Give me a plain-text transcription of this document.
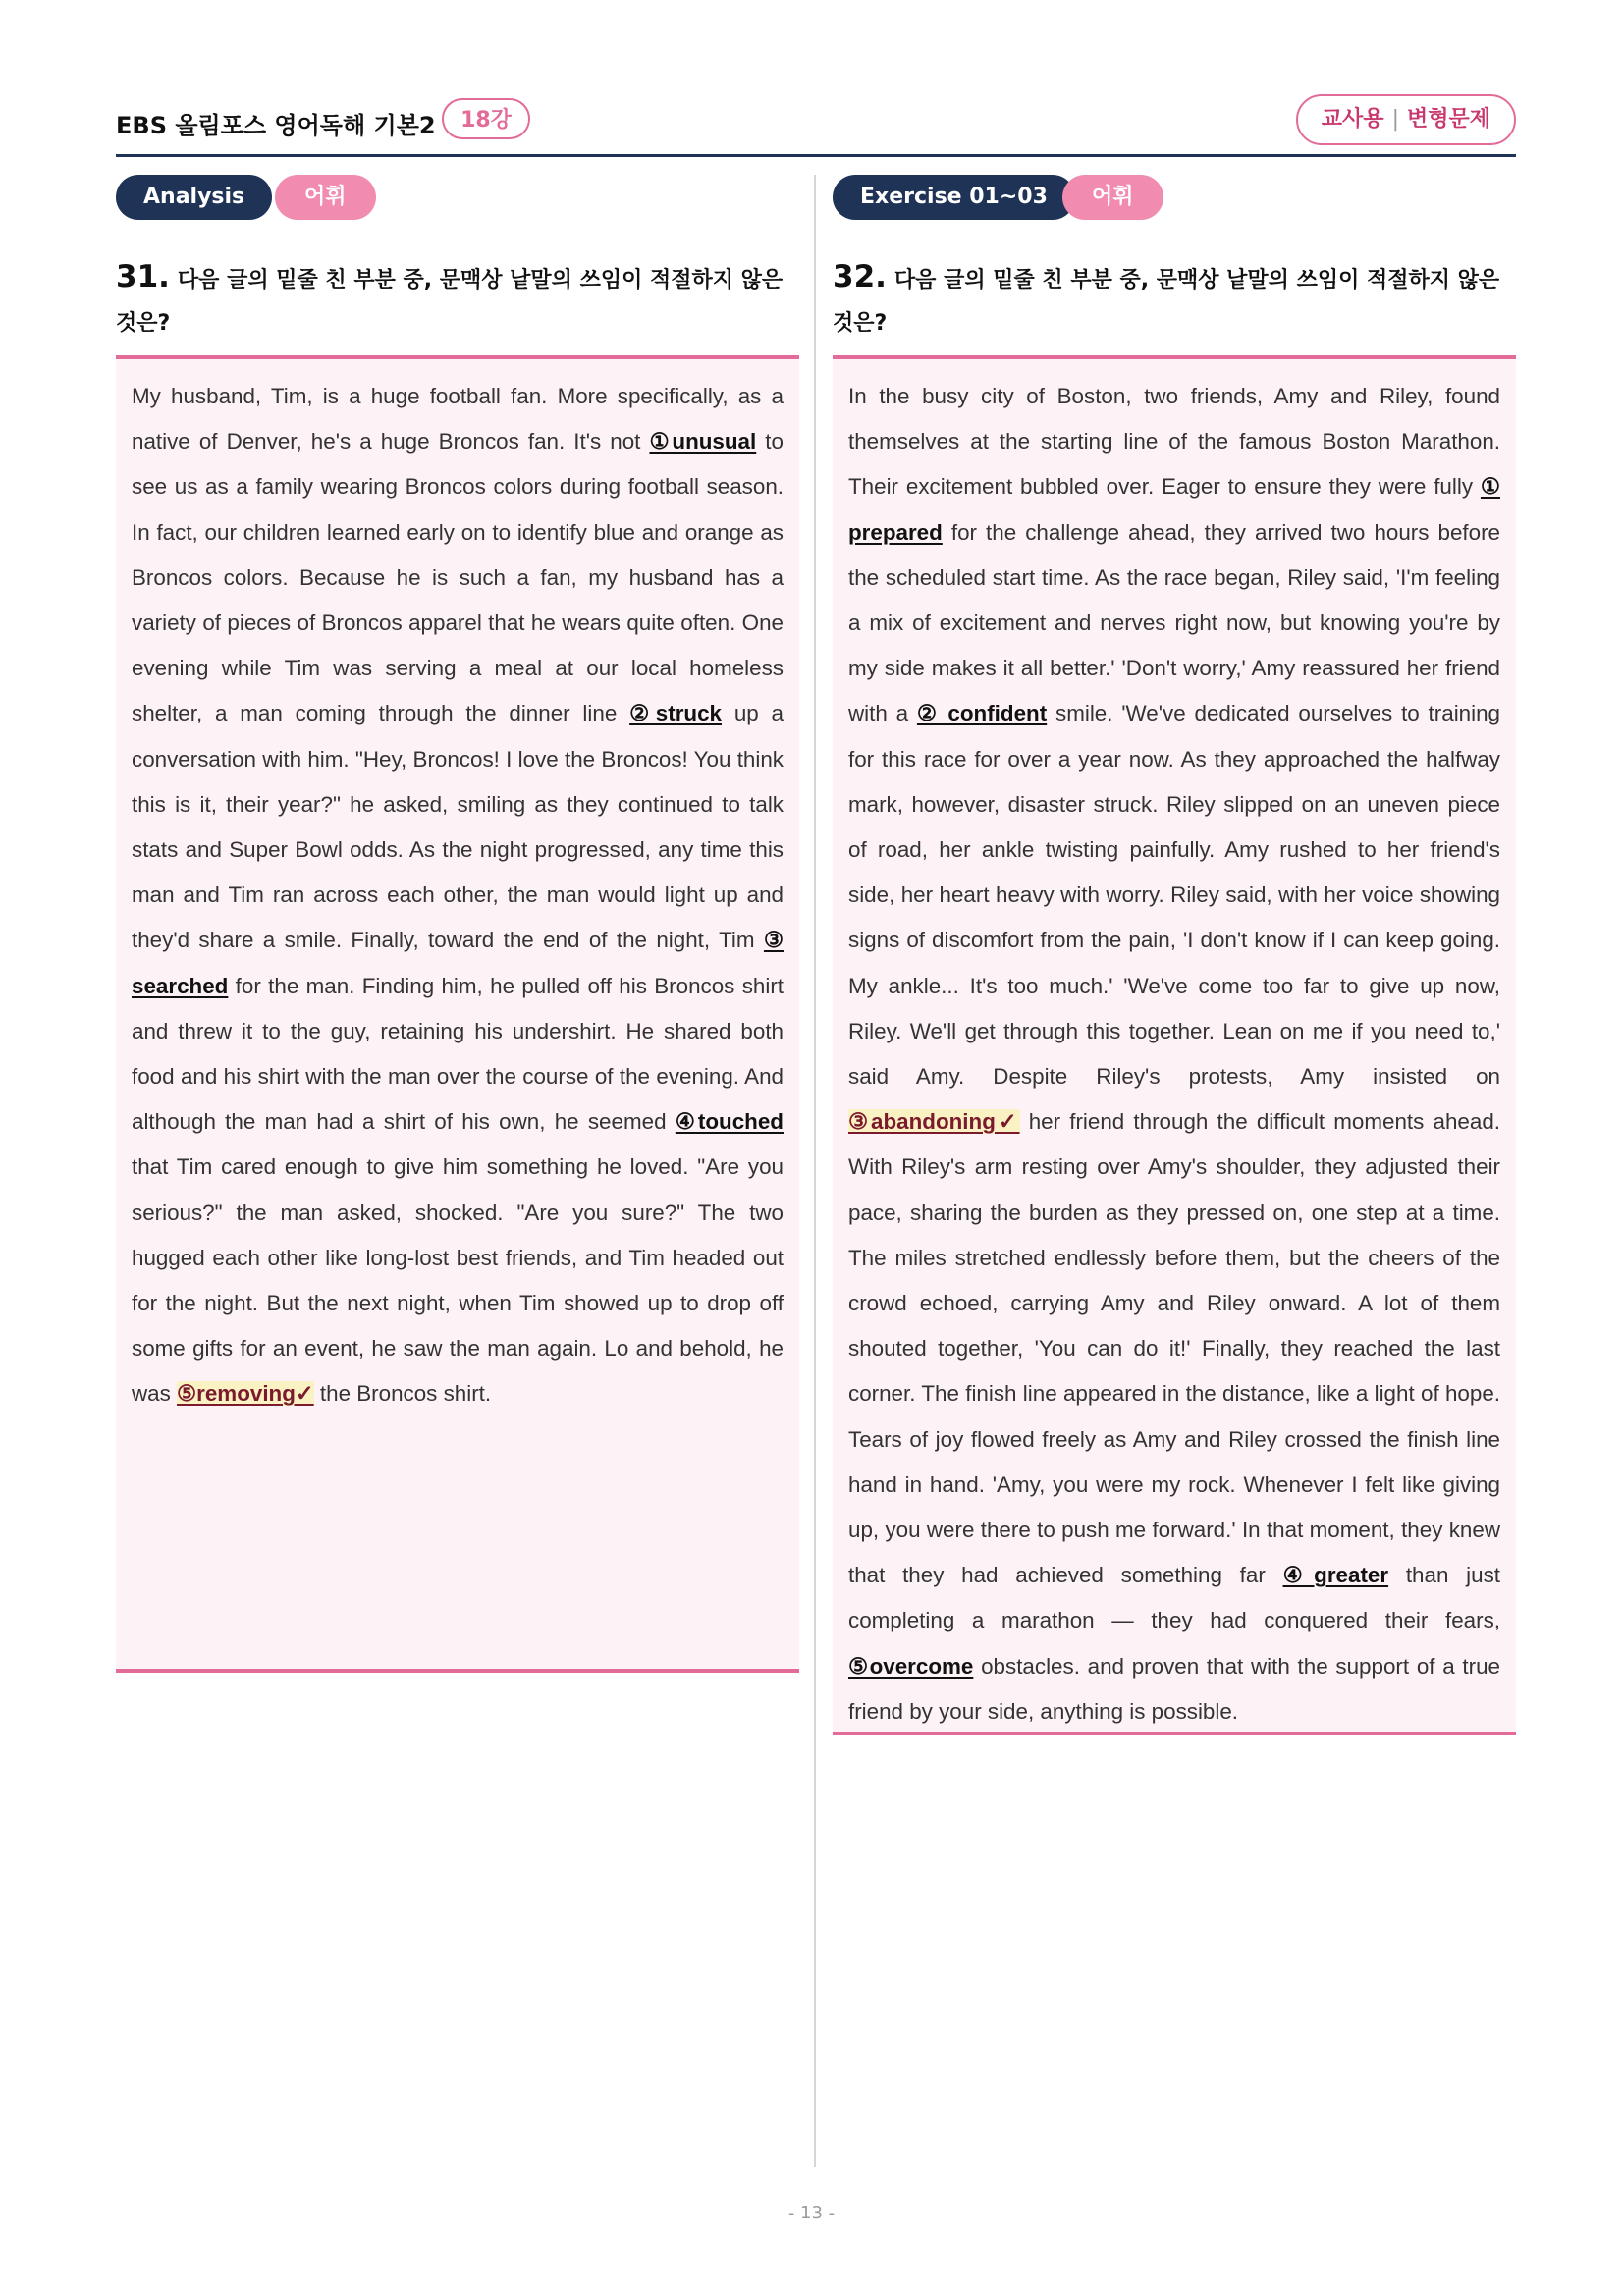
EBS 올림포스 영어독해 기본2	18강	교사용 | 변형문제
Analysis	어휘
31. 다음 글의 밑줄 친 부분 중, 문맥상 낱말의 쓰임이 적절하지 않은 것은?
My husband, Tim, is a huge football fan. More specifically, as a native of Denver, he's a huge Broncos fan. It's not ①unusual to see us as a family wearing Broncos colors during football season. In fact, our children learned early on to identify blue and orange as Broncos colors. Because he is such a fan, my husband has a variety of pieces of Broncos apparel that he wears quite often. One evening while Tim was serving a meal at our local homeless shelter, a man coming through the dinner line ②struck up a conversation with him. "Hey, Broncos! I love the Broncos! You think this is it, their year?" he asked, smiling as they continued to talk stats and Super Bowl odds. As the night progressed, any time this man and Tim ran across each other, the man would light up and they'd share a smile. Finally, toward the end of the night, Tim ③ searched for the man. Finding him, he pulled off his Broncos shirt and threw it to the guy, retaining his undershirt. He shared both food and his shirt with the man over the course of the evening. And although the man had a shirt of his own, he seemed ④touched that Tim cared enough to give him something he loved. "Are you serious?" the man asked, shocked. "Are you sure?" The two hugged each other like long-lost best friends, and Tim headed out for the night. But the next night, when Tim showed up to drop off some gifts for an event, he saw the man again. Lo and behold, he was ⑤removing✓ the Broncos shirt.
Exercise 01~03	어휘
32. 다음 글의 밑줄 친 부분 중, 문맥상 낱말의 쓰임이 적절하지 않은 것은?
In the busy city of Boston, two friends, Amy and Riley, found themselves at the starting line of the famous Boston Marathon. Their excitement bubbled over. Eager to ensure they were fully ① prepared for the challenge ahead, they arrived two hours before the scheduled start time. As the race began, Riley said, 'I'm feeling a mix of excitement and nerves right now, but knowing you're by my side makes it all better.' 'Don't worry,' Amy reassured her friend with a ② confident smile. 'We've dedicated ourselves to training for this race for over a year now. As they approached the halfway mark, however, disaster struck. Riley slipped on an uneven piece of road, her ankle twisting painfully. Amy rushed to her friend's side, her heart heavy with worry. Riley said, with her voice showing signs of discomfort from the pain, 'I don't know if I can keep going. My ankle... It's too much.' 'We've come too far to give up now, Riley. We'll get through this together. Lean on me if you need to,' said Amy. Despite Riley's protests, Amy insisted on ③abandoning✓ her friend through the difficult moments ahead. With Riley's arm resting over Amy's shoulder, they adjusted their pace, sharing the burden as they pressed on, one step at a time. The miles stretched endlessly before them, but the cheers of the crowd echoed, carrying Amy and Riley onward. A lot of them shouted together, 'You can do it!' Finally, they reached the last corner. The finish line appeared in the distance, like a light of hope. Tears of joy flowed freely as Amy and Riley crossed the finish line hand in hand. 'Amy, you were my rock. Whenever I felt like giving up, you were there to push me forward.' In that moment, they knew that they had achieved something far ④greater than just completing a marathon — they had conquered their fears, ⑤overcome obstacles. and proven that with the support of a true friend by your side, anything is possible.
- 13 -
